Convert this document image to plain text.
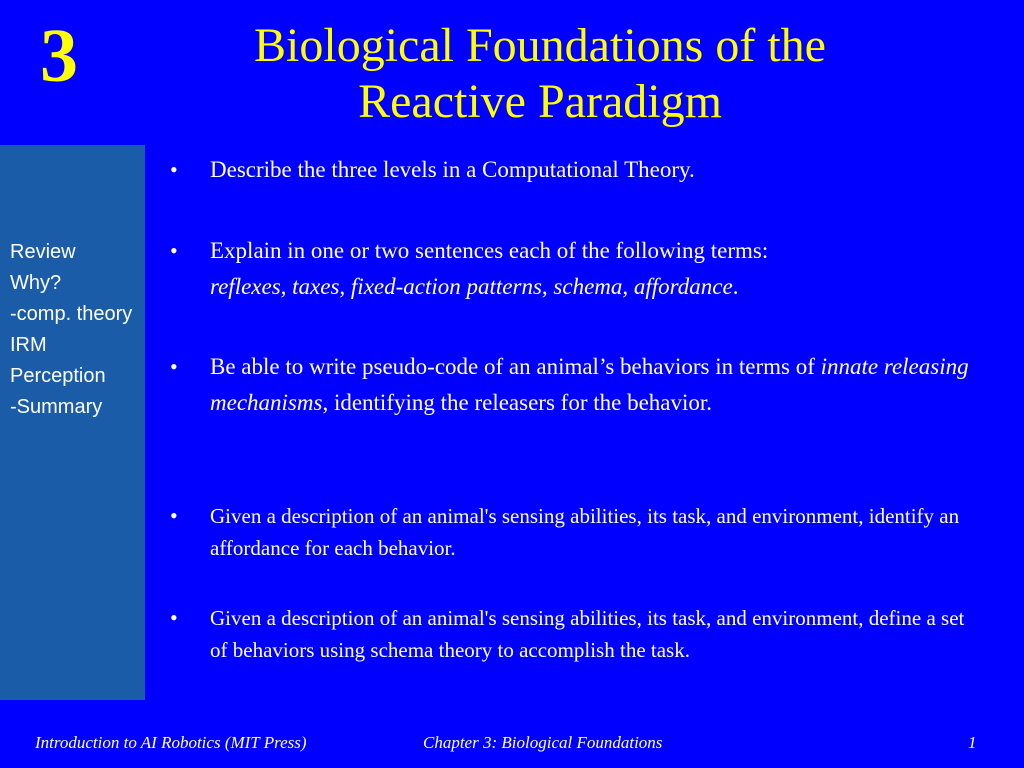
3	Biological Foundations of the
Reactive Paradigm
Review
Why?
-comp. theory
IRM
Perception
-Summary
• Describe the three levels in a Computational Theory.
• Explain in one or two sentences each of the following terms:
reflexes, taxes, fixed-action patterns, schema, affordance.
• Be able to write pseudo-code of an animal’s behaviors in terms of innate releasing mechanisms, identifying the releasers for the behavior.
• Given a description of an animal's sensing abilities, its task, and environment, identify an affordance for each behavior.
• Given a description of an animal's sensing abilities, its task, and environment, define a set of behaviors using schema theory to accomplish the task.
Introduction to AI Robotics (MIT Press)	Chapter 3: Biological Foundations	1
